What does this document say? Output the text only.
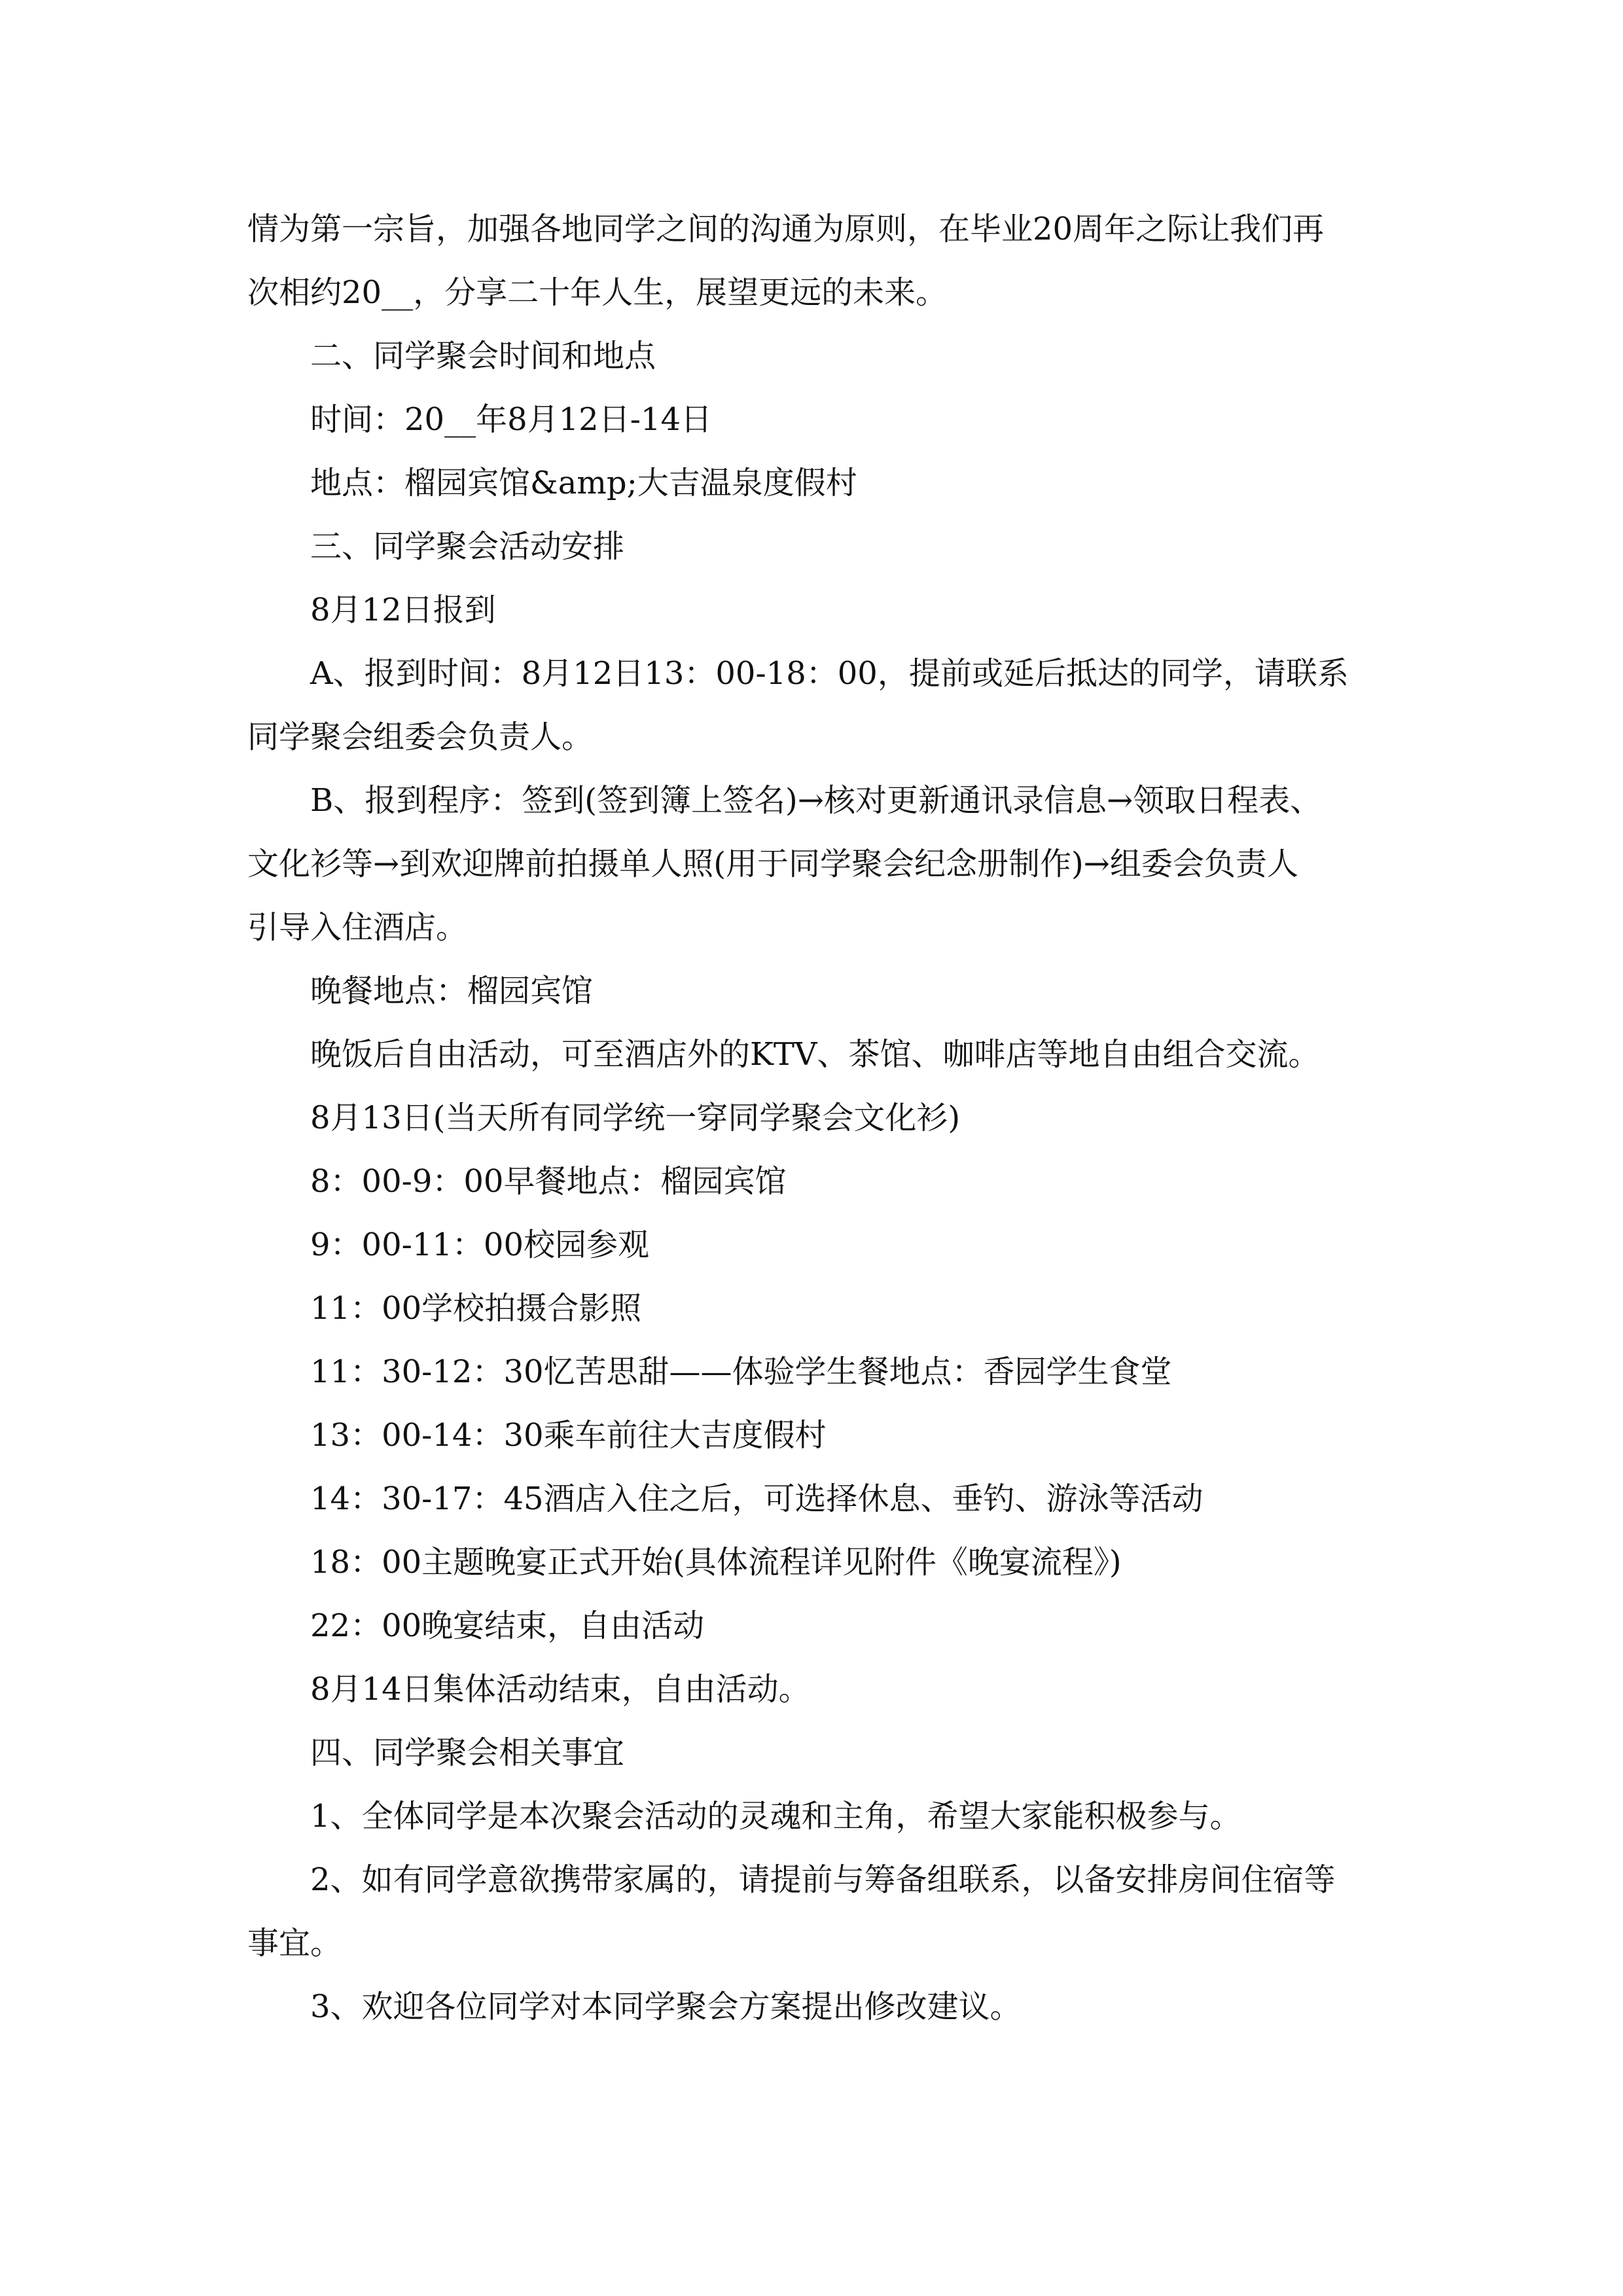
情为第一宗旨，加强各地同学之间的沟通为原则，在毕业20周年之际让我们再
次相约20__，分享二十年人生，展望更远的未来。
二、同学聚会时间和地点
时间：20__年8月12日-14日
地点：榴园宾馆&amp;大吉温泉度假村
三、同学聚会活动安排
8月12日报到
A、报到时间：8月12日13：00-18：00，提前或延后抵达的同学，请联系
同学聚会组委会负责人。
B、报到程序：签到(签到簿上签名)→核对更新通讯录信息→领取日程表、
文化衫等→到欢迎牌前拍摄单人照(用于同学聚会纪念册制作)→组委会负责人
引导入住酒店。
晚餐地点：榴园宾馆
晚饭后自由活动，可至酒店外的KTV、茶馆、咖啡店等地自由组合交流。
8月13日(当天所有同学统一穿同学聚会文化衫)
8：00-9：00早餐地点：榴园宾馆
9：00-11：00校园参观
11：00学校拍摄合影照
11：30-12：30忆苦思甜——体验学生餐地点：香园学生食堂
13：00-14：30乘车前往大吉度假村
14：30-17：45酒店入住之后，可选择休息、垂钓、游泳等活动
18：00主题晚宴正式开始(具体流程详见附件《晚宴流程》)
22：00晚宴结束，自由活动
8月14日集体活动结束，自由活动。
四、同学聚会相关事宜
1、全体同学是本次聚会活动的灵魂和主角，希望大家能积极参与。
2、如有同学意欲携带家属的，请提前与筹备组联系，以备安排房间住宿等
事宜。
3、欢迎各位同学对本同学聚会方案提出修改建议。
